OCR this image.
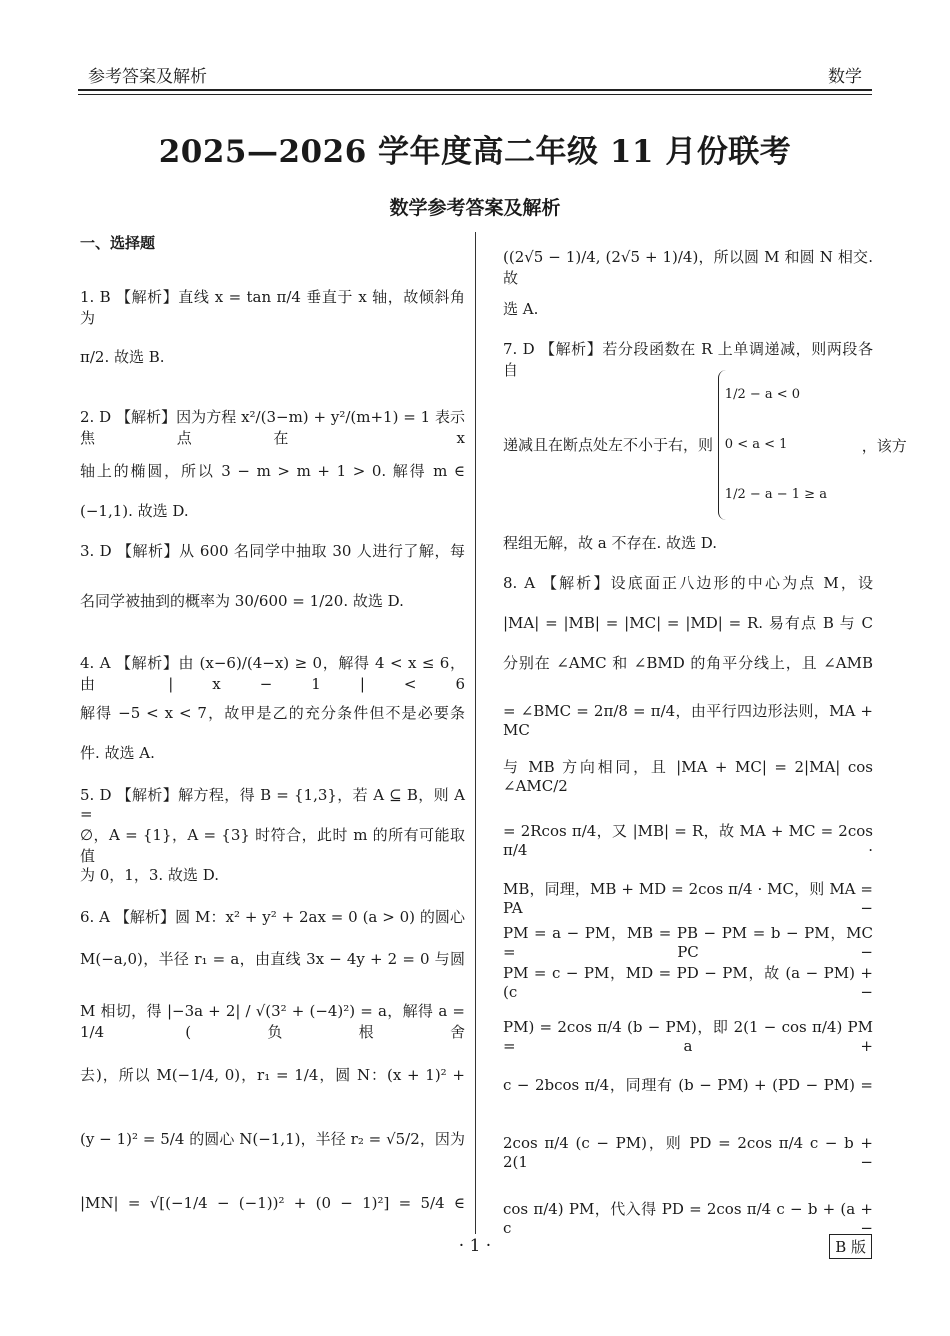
参考答案及解析	数学
2025—2026 学年度高二年级 11 月份联考
数学参考答案及解析
一、选择题
1. B 【解析】直线 x = tan π/4 垂直于 x 轴，故倾斜角为
π/2. 故选 B.
2. D 【解析】因为方程 x²/(3−m) + y²/(m+1) = 1 表示焦点在 x
轴上的椭圆，所以 3 − m > m + 1 > 0. 解得 m ∈
(−1,1). 故选 D.
3. D 【解析】从 600 名同学中抽取 30 人进行了解，每
名同学被抽到的概率为 30/600 = 1/20. 故选 D.
4. A 【解析】由 (x−6)/(4−x) ≥ 0，解得 4 < x ≤ 6，由 | x − 1 | < 6
解得 −5 < x < 7，故甲是乙的充分条件但不是必要条
件. 故选 A.
5. D 【解析】解方程，得 B = {1,3}，若 A ⊆ B，则 A =
∅，A = {1}，A = {3} 时符合，此时 m 的所有可能取值
为 0，1，3. 故选 D.
6. A 【解析】圆 M：x² + y² + 2ax = 0 (a > 0) 的圆心
M(−a,0)，半径 r₁ = a，由直线 3x − 4y + 2 = 0 与圆
M 相切，得 |−3a + 2| / √(3² + (−4)²) = a，解得 a = 1/4 (负根舍
去)，所以 M(−1/4, 0)，r₁ = 1/4，圆 N：(x + 1)² +
(y − 1)² = 5/4 的圆心 N(−1,1)，半径 r₂ = √5/2，因为
|MN| = √[(−1/4 − (−1))² + (0 − 1)²] = 5/4 ∈
((2√5 − 1)/4, (2√5 + 1)/4)，所以圆 M 和圆 N 相交. 故
选 A.
7. D 【解析】若分段函数在 R 上单调递减，则两段各自
递减且在断点处左不小于右，则
1/2 − a < 0
0 < a < 1
1/2 − a − 1 ≥ a
，该方
程组无解，故 a 不存在. 故选 D.
8. A 【解析】设底面正八边形的中心为点 M，设
|MA| = |MB| = |MC| = |MD| = R. 易有点 B 与 C
分别在 ∠AMC 和 ∠BMD 的角平分线上，且 ∠AMB
= ∠BMC = 2π/8 = π/4，由平行四边形法则，MA + MC
与 MB 方向相同，且 |MA + MC| = 2|MA| cos ∠AMC/2
= 2Rcos π/4，又 |MB| = R，故 MA + MC = 2cos π/4 ·
MB，同理，MB + MD = 2cos π/4 · MC，则 MA = PA −
PM = a − PM，MB = PB − PM = b − PM，MC = PC −
PM = c − PM，MD = PD − PM，故 (a − PM) + (c −
PM) = 2cos π/4 (b − PM)，即 2(1 − cos π/4) PM = a +
c − 2bcos π/4，同理有 (b − PM) + (PD − PM) =
2cos π/4 (c − PM)，则 PD = 2cos π/4 c − b + 2(1 −
cos π/4) PM，代入得 PD = 2cos π/4 c − b + (a + c −
· 1 ·	B 版
